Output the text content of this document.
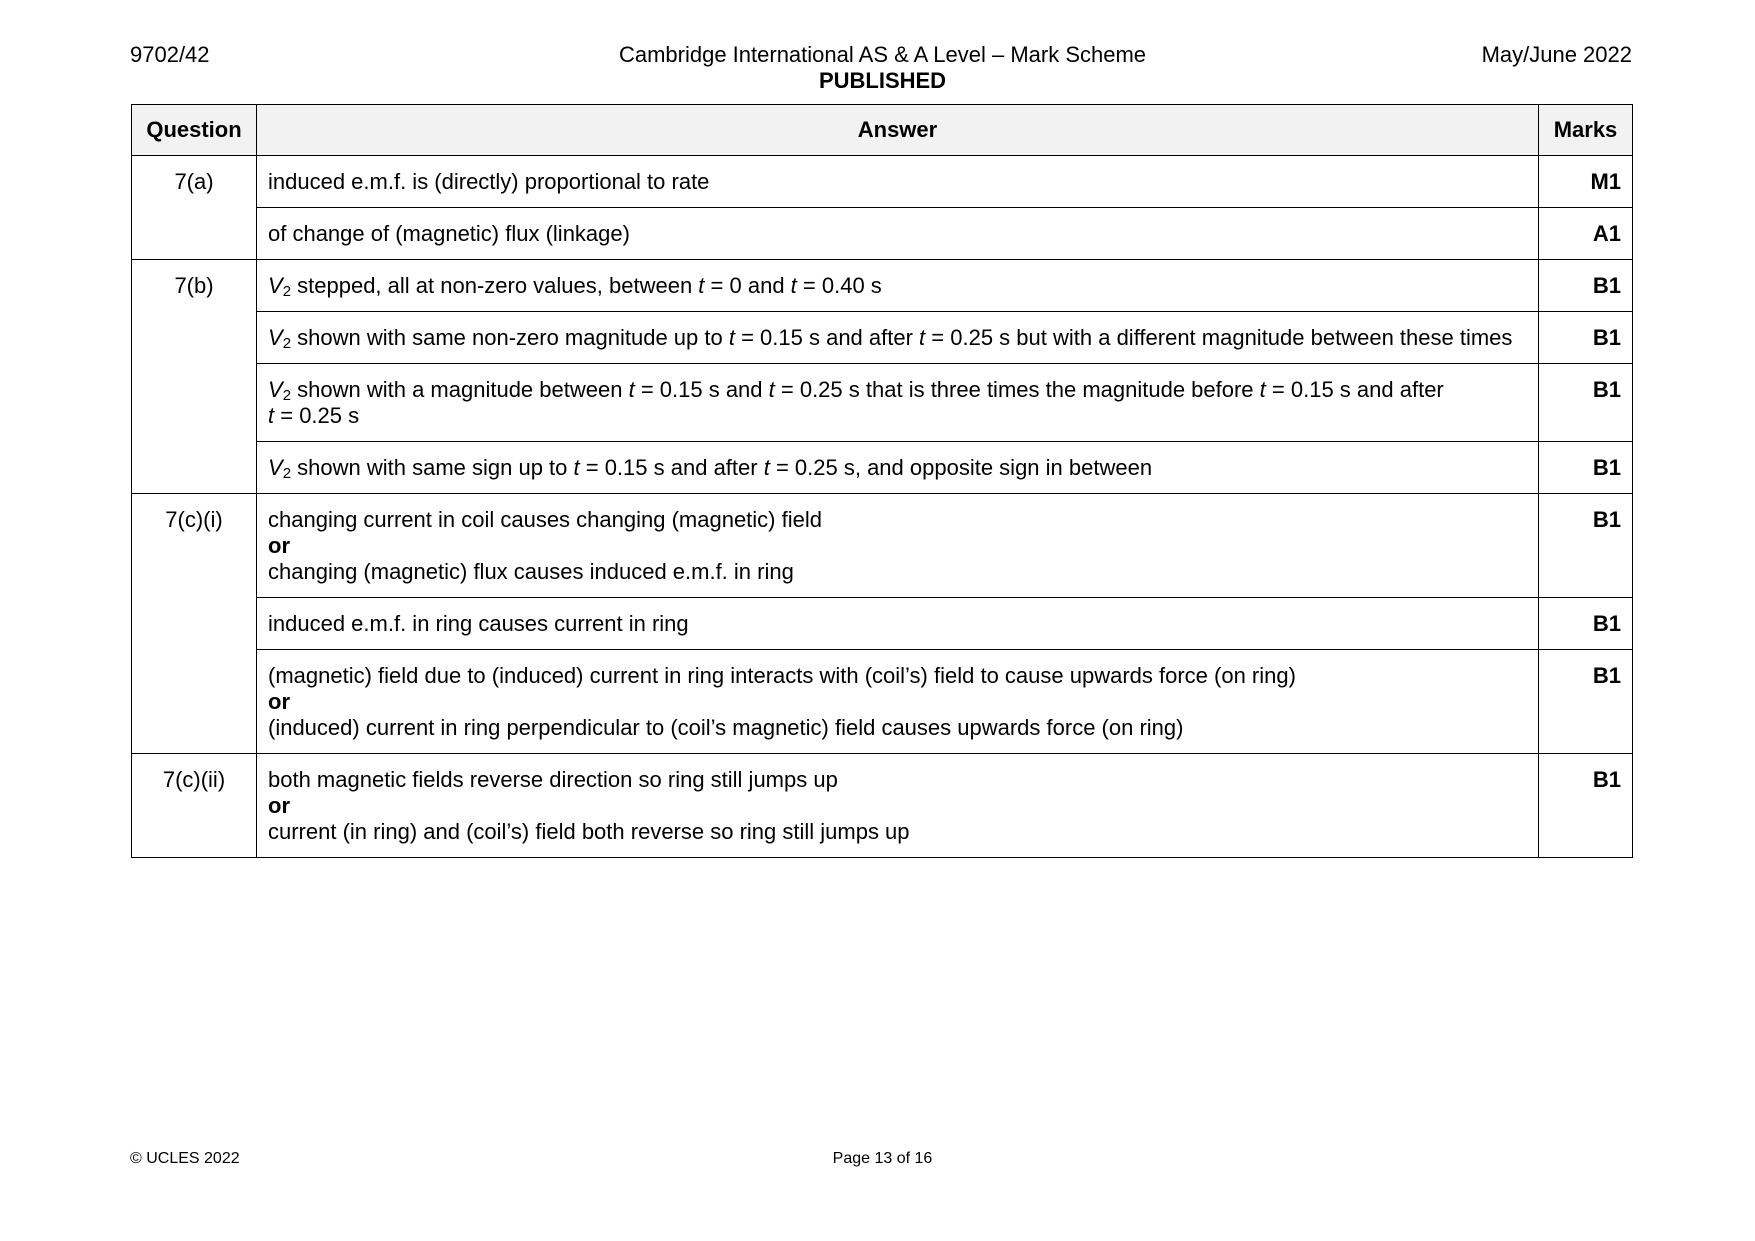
9702/42	Cambridge International AS & A Level – Mark Scheme
PUBLISHED
May/June 2022
Question	Answer	Marks
7(a)	induced e.m.f. is (directly) proportional to rate	M1
	of change of (magnetic) flux (linkage)	A1
7(b)	$V_2$ stepped, all at non-zero values, between t = 0 and t = 0.40 s	B1
	$V_2$ shown with same non-zero magnitude up to t = 0.15 s and after t = 0.25 s but with a different magnitude between these times	B1
	$V_2$ shown with a magnitude between t = 0.15 s and t = 0.25 s that is three times the magnitude before t = 0.15 s and after
t = 0.25 s	B1
	$V_2$ shown with same sign up to t = 0.15 s and after t = 0.25 s, and opposite sign in between	B1
7(c)(i)	changing current in coil causes changing (magnetic) field
or
changing (magnetic) flux causes induced e.m.f. in ring	B1
	induced e.m.f. in ring causes current in ring	B1

	(magnetic) field due to (induced) current in ring interacts with (coil’s) field to cause upwards force (on ring)
or
(induced) current in ring perpendicular to (coil’s magnetic) field causes upwards force (on ring)	B1
7(c)(ii)	both magnetic fields reverse direction so ring still jumps up
or
current (in ring) and (coil’s) field both reverse so ring still jumps up	B1
© UCLES 2022	Page 13 of 16
